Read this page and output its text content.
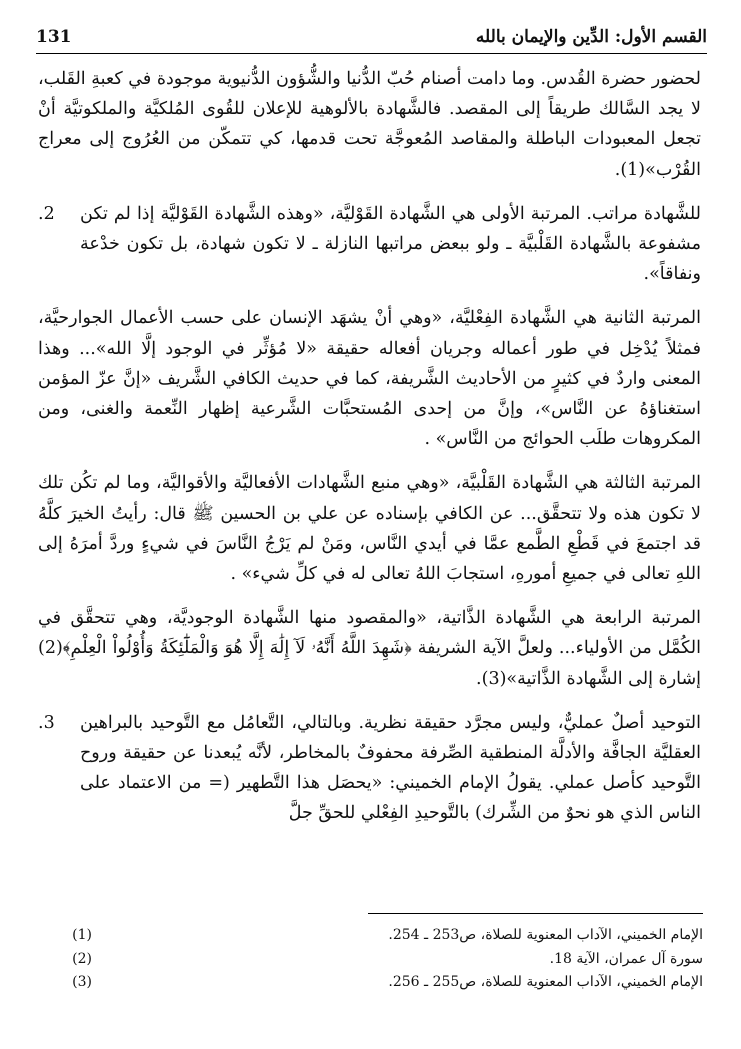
131	القسم الأول: الدِّين والإيمان بالله

لحضور حضرة القُدس. وما دامت أصنام حُبّ الدُّنيا والشُّؤون الدُّنيوية موجودة في كعبةِ القَلب، لا يجد السَّالك طريقاً إلى المقصد. فالشَّهادة بالألوهية للإعلان للقُوى المُلكيَّة والملكوتيَّة أنْ تجعل المعبودات الباطلة والمقاصد المُعوجَّة تحت قدمها، كي تتمكّن من العُرُوج إلى معراج القُرْب»(1).

.2	للشَّهادة مراتب. المرتبة الأولى هي الشَّهادة القَوْليَّة، «وهذه الشَّهادة القَوْليَّة إذا لم تكن مشفوعة بالشَّهادة القَلْبيَّة ـ ولو ببعض مراتبها النازلة ـ لا تكون شهادة، بل تكون خدْعة ونفاقاً».

المرتبة الثانية هي الشَّهادة الفِعْليَّة، «وهي أنْ يشهَد الإنسان على حسب الأعمال الجوارحيَّة، فمثلاً يُدْخِل في طور أعماله وجريان أفعاله حقيقة «لا مُؤثِّر في الوجود إلَّا الله»... وهذا المعنى واردٌ في كثيرٍ من الأحاديث الشَّريفة، كما في حديث الكافي الشَّريف «إنَّ عزّ المؤمن استغناؤهُ عن النَّاس»، وإنَّ من إحدى المُستحبَّات الشَّرعية إظهار النِّعمة والغنى، ومن المكروهات طلَب الحوائج من النَّاس» .

المرتبة الثالثة هي الشَّهادة القَلْبيَّة، «وهي منبع الشَّهادات الأفعاليَّة والأقواليَّة، وما لم تكُن تلك لا تكون هذه ولا تتحقَّق... عن الكافي بإسناده عن علي بن الحسين ﷺ قال: رأيتُ الخيرَ كلَّهُ قد اجتمعَ في قَطْعِ الطَّمع عمَّا في أيدي النَّاس، ومَنْ لم يَرْجُ النَّاسَ في شيءٍ وردَّ أمرَهُ إلى اللهِ تعالى في جميعِ أمورهِ، استجابَ اللهُ تعالى له في كلِّ شيء» .

المرتبة الرابعة هي الشَّهادة الذَّاتية، «والمقصود منها الشَّهادة الوجوديَّة، وهي تتحقَّق في الكُمَّل من الأولياء... ولعلَّ الآية الشريفة ﴿شَهِدَ اللَّهُ أَنَّهُۥ لَآ إِلَٰهَ إِلَّا هُوَ وَالْمَلَٰٓئِكَةُ وَأُوْلُواْ الْعِلْمِ﴾(2) إشارة إلى الشَّهادة الذَّاتية»(3).

.3	التوحيد أصلٌ عمليٌّ، وليس مجرَّد حقيقة نظرية. وبالتالي، التَّعامُل مع التَّوحيد بالبراهين العقليَّة الجافَّة والأدلَّة المنطقية الصِّرفة محفوفٌ بالمخاطر، لأنَّه يُبعدنا عن حقيقة وروح التَّوحيد كأصل عملي. يقولُ الإمام الخميني: «يحصَل هذا التَّطهير (= من الاعتماد على الناس الذي هو نحوٌ من الشِّرك) بالتَّوحيدِ الفِعْلي للحقِّ جلَّ
(1)	الإمام الخميني، الآداب المعنوية للصلاة، ص253 ـ 254.
(2)	سورة آل عمران، الآية 18.
(3)	الإمام الخميني، الآداب المعنوية للصلاة، ص255 ـ 256.
